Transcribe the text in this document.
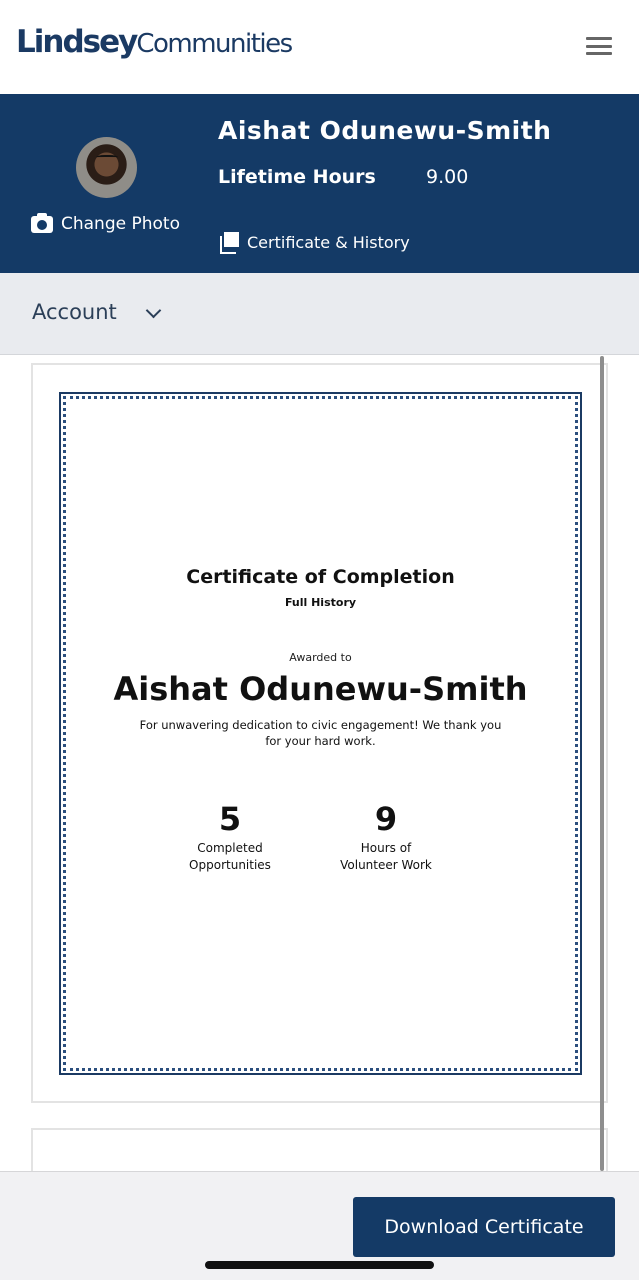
Lindsey Communities
Change Photo
Aishat Odunewu-Smith
Lifetime Hours	9.00
Certificate & History
Account
Certificate of Completion
Full History
Awarded to
Aishat Odunewu-Smith
For unwavering dedication to civic engagement! We thank you for your hard work.
5
Completed
Opportunities
9
Hours of
Volunteer Work
Download Certificate
